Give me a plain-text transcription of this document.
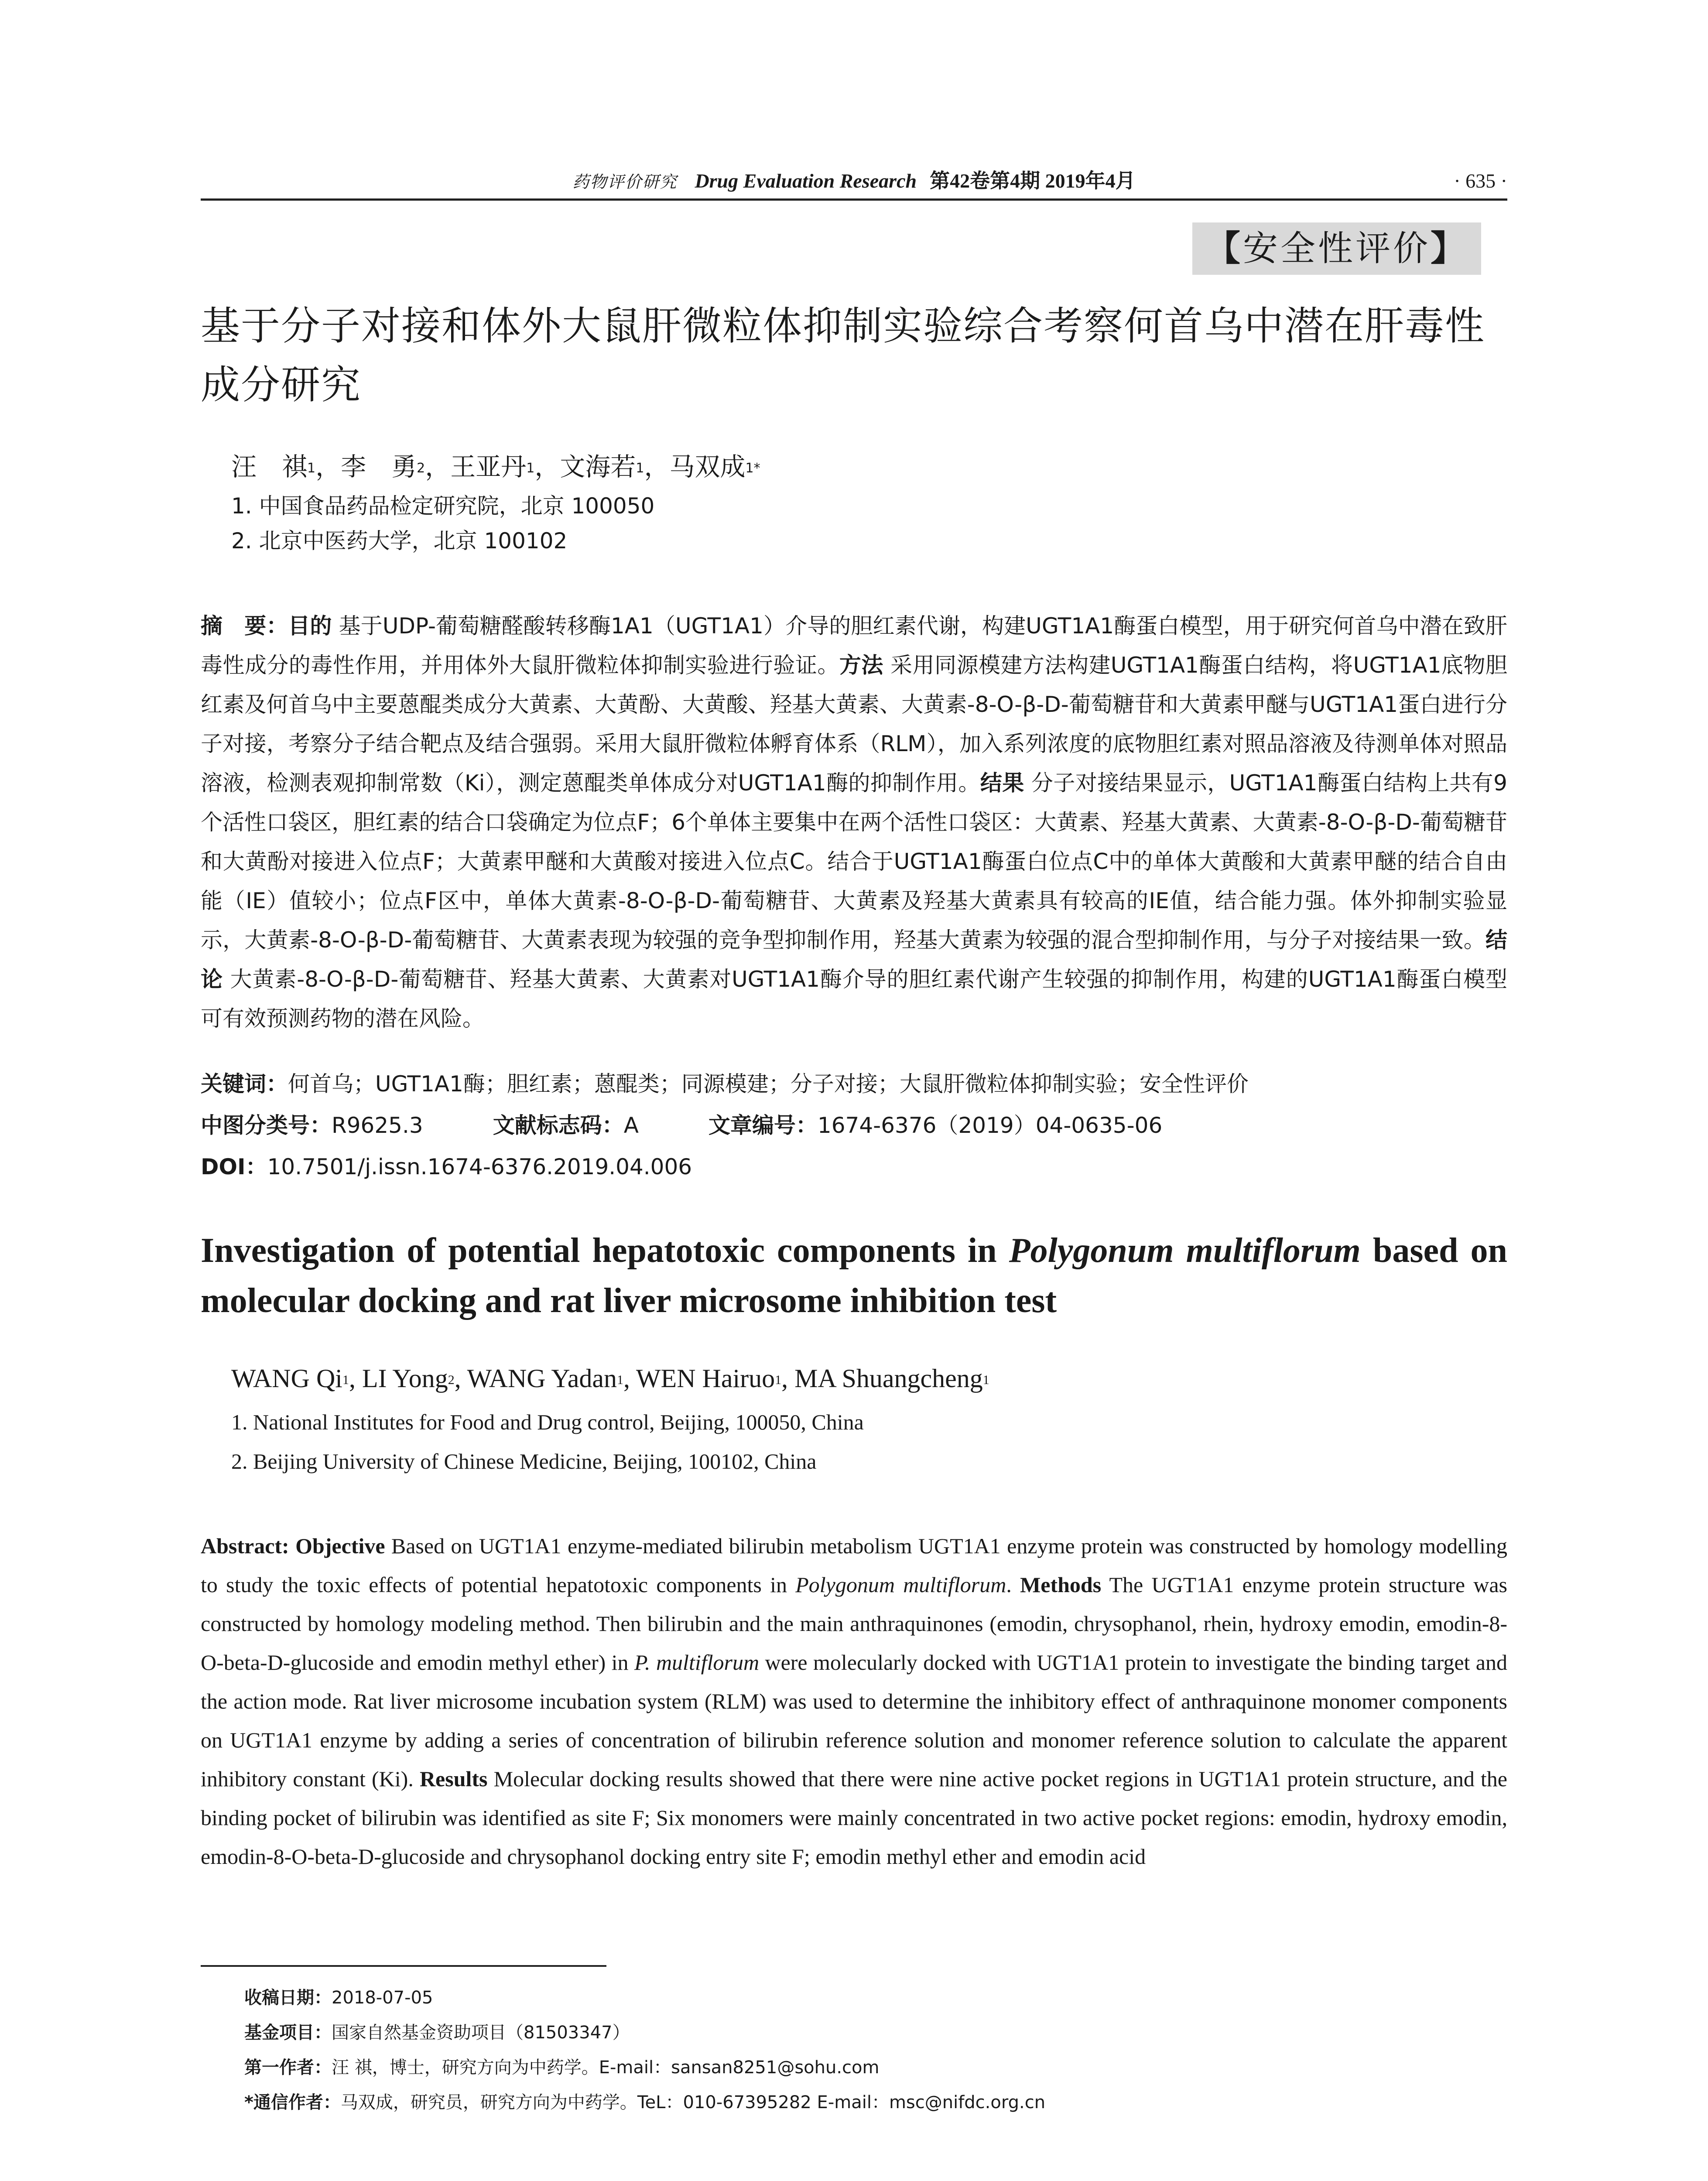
药物评价研究 Drug Evaluation Research 第42卷第4期 2019年4月	· 635 ·
【安全性评价】
基于分子对接和体外大鼠肝微粒体抑制实验综合考察何首乌中潜在肝毒性成分研究
汪　祺$^1$，李　勇$^2$，王亚丹$^1$，文海若$^1$，马双成$^{1*}$
1. 中国食品药品检定研究院，北京 100050
2. 北京中医药大学，北京 100102

摘　要：目的 基于UDP-葡萄糖醛酸转移酶1A1（UGT1A1）介导的胆红素代谢，构建UGT1A1酶蛋白模型，用于研究何首乌中潜在致肝毒性成分的毒性作用，并用体外大鼠肝微粒体抑制实验进行验证。方法 采用同源模建方法构建UGT1A1酶蛋白结构，将UGT1A1底物胆红素及何首乌中主要蒽醌类成分大黄素、大黄酚、大黄酸、羟基大黄素、大黄素-8-O-β-D-葡萄糖苷和大黄素甲醚与UGT1A1蛋白进行分子对接，考察分子结合靶点及结合强弱。采用大鼠肝微粒体孵育体系（RLM），加入系列浓度的底物胆红素对照品溶液及待测单体对照品溶液，检测表观抑制常数（Ki），测定蒽醌类单体成分对UGT1A1酶的抑制作用。结果 分子对接结果显示，UGT1A1酶蛋白结构上共有9个活性口袋区，胆红素的结合口袋确定为位点F；6个单体主要集中在两个活性口袋区：大黄素、羟基大黄素、大黄素-8-O-β-D-葡萄糖苷和大黄酚对接进入位点F；大黄素甲醚和大黄酸对接进入位点C。结合于UGT1A1酶蛋白位点C中的单体大黄酸和大黄素甲醚的结合自由能（IE）值较小；位点F区中，单体大黄素-8-O-β-D-葡萄糖苷、大黄素及羟基大黄素具有较高的IE值，结合能力强。体外抑制实验显示，大黄素-8-O-β-D-葡萄糖苷、大黄素表现为较强的竞争型抑制作用，羟基大黄素为较强的混合型抑制作用，与分子对接结果一致。结论 大黄素-8-O-β-D-葡萄糖苷、羟基大黄素、大黄素对UGT1A1酶介导的胆红素代谢产生较强的抑制作用，构建的UGT1A1酶蛋白模型可有效预测药物的潜在风险。

关键词：何首乌；UGT1A1酶；胆红素；蒽醌类；同源模建；分子对接；大鼠肝微粒体抑制实验；安全性评价
中图分类号：R9625.3	文献标志码：A	文章编号：1674-6376（2019）04-0635-06
DOI：10.7501/j.issn.1674-6376.2019.04.006

Investigation of potential hepatotoxic components in Polygonum multiflorum based on molecular docking and rat liver microsome inhibition test

WANG Qi$^1$, LI Yong$^2$, WANG Yadan$^1$, WEN Hairuo$^1$, MA Shuangcheng$^1$
1. National Institutes for Food and Drug control, Beijing, 100050, China
2. Beijing University of Chinese Medicine, Beijing, 100102, China

Abstract: Objective Based on UGT1A1 enzyme-mediated bilirubin metabolism UGT1A1 enzyme protein was constructed by homology modelling to study the toxic effects of potential hepatotoxic components in Polygonum multiflorum. Methods The UGT1A1 enzyme protein structure was constructed by homology modeling method. Then bilirubin and the main anthraquinones (emodin, chrysophanol, rhein, hydroxy emodin, emodin-8-O-beta-D-glucoside and emodin methyl ether) in P. multiflorum were molecularly docked with UGT1A1 protein to investigate the binding target and the action mode. Rat liver microsome incubation system (RLM) was used to determine the inhibitory effect of anthraquinone monomer components on UGT1A1 enzyme by adding a series of concentration of bilirubin reference solution and monomer reference solution to calculate the apparent inhibitory constant (Ki). Results Molecular docking results showed that there were nine active pocket regions in UGT1A1 protein structure, and the binding pocket of bilirubin was identified as site F; Six monomers were mainly concentrated in two active pocket regions: emodin, hydroxy emodin, emodin-8-O-beta-D-glucoside and chrysophanol docking entry site F; emodin methyl ether and emodin acid

收稿日期：2018-07-05
基金项目：国家自然基金资助项目（81503347）
第一作者：汪 祺，博士，研究方向为中药学。E-mail：sansan8251@sohu.com
*通信作者：马双成，研究员，研究方向为中药学。TeL：010-67395282 E-mail：msc@nifdc.org.cn
